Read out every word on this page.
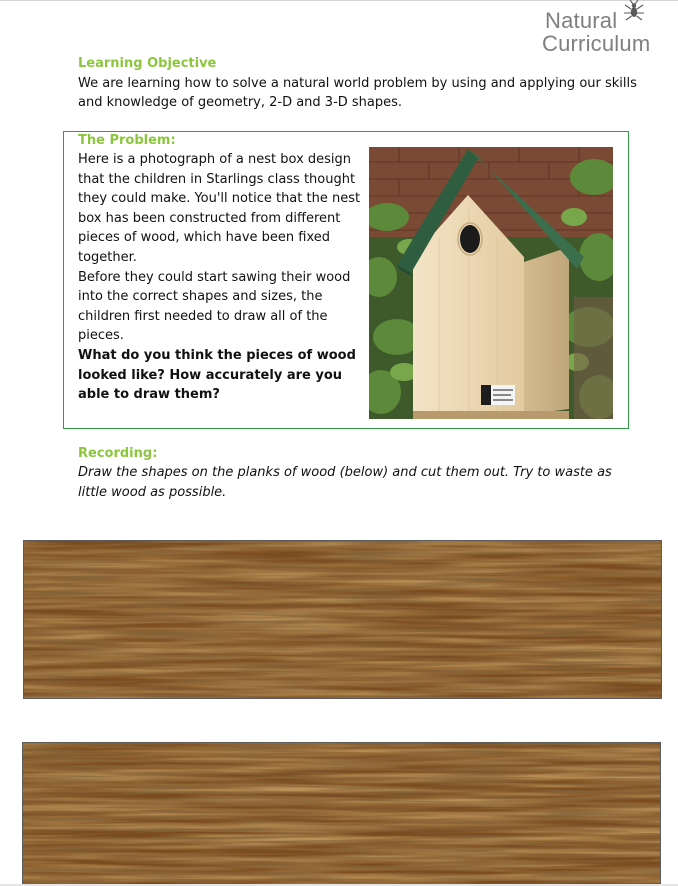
Natural
Curriculum
Learning Objective
We are learning how to solve a natural world problem by using and applying our skills and knowledge of geometry, 2-D and 3-D shapes.
The Problem:

Here is a photograph of a nest box design that the children in Starlings class thought they could make. You'll notice that the nest box has been constructed from different pieces of wood, which have been fixed together.

Before they could start sawing their wood into the correct shapes and sizes, the children first needed to draw all of the pieces.

What do you think the pieces of wood looked like? How accurately are you able to draw them?

Recording:
Draw the shapes on the planks of wood (below) and cut them out. Try to waste as little wood as possible.
